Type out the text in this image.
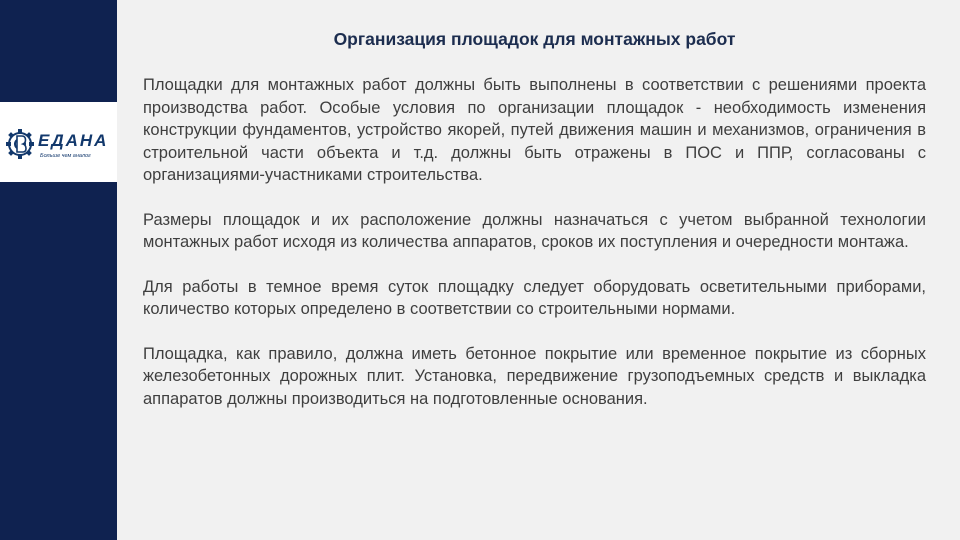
ЕДАНА
Больше чем аналог
Организация площадок для монтажных работ

Площадки для монтажных работ должны быть выполнены в соответствии с решениями проекта производства работ. Особые условия по организации площадок - необходимость изменения конструкции фундаментов, устройство якорей, путей движения машин и механизмов, ограничения в строительной части объекта и т.д. должны быть отражены в ПОС и ППР, согласованы с организациями-участниками строительства.

Размеры площадок и их расположение должны назначаться с учетом выбранной технологии монтажных работ исходя из количества аппаратов, сроков их поступления и очередности монтажа.

Для работы в темное время суток площадку следует оборудовать осветительными приборами, количество которых определено в соответствии со строительными нормами.

Площадка, как правило, должна иметь бетонное покрытие или временное покрытие из сборных железобетонных дорожных плит. Установка, передвижение грузоподъемных средств и выкладка аппаратов должны производиться на подготовленные основания.
